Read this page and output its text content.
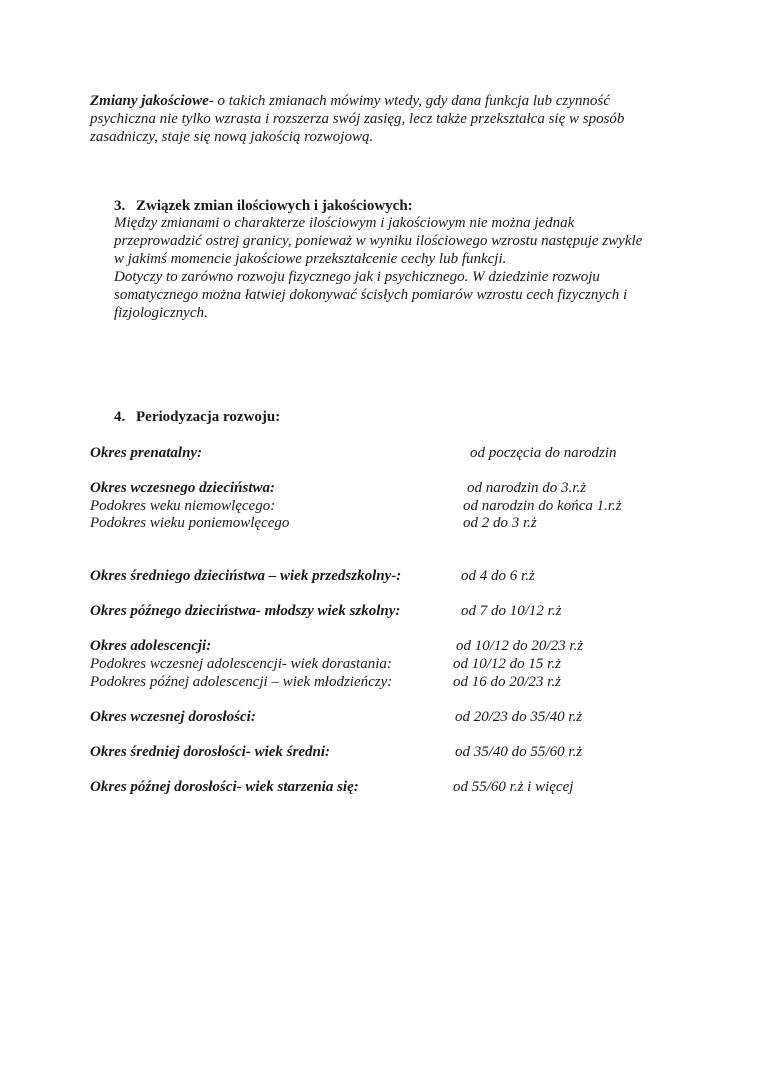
Zmiany jakościowe- o takich zmianach mówimy wtedy, gdy dana funkcja lub czynność

psychiczna nie tylko wzrasta i rozszerza swój zasięg, lecz także przekształca się w sposób

zasadniczy, staje się nową jakością rozwojową.

3. Związek zmian ilościowych i jakościowych:

Między zmianami o charakterze ilościowym i jakościowym nie można jednak

przeprowadzić ostrej granicy, ponieważ w wyniku ilościowego wzrostu następuje zwykle

w jakimś momencie jakościowe przekształcenie cechy lub funkcji.

Dotyczy to zarówno rozwoju fizycznego jak i psychicznego. W dziedzinie rozwoju

somatycznego można łatwiej dokonywać ścisłych pomiarów wzrostu cech fizycznych i

fizjologicznych.

4. Periodyzacja rozwoju:
Okres prenatalny:	od poczęcia do narodzin
Okres wczesnego dzieciństwa:	od narodzin do 3.r.ż
Podokres weku niemowlęcego:	od narodzin do końca 1.r.ż
Podokres wieku poniemowlęcego	od 2 do 3 r.ż
Okres średniego dzieciństwa – wiek przedszkolny-:	od 4 do 6 r.ż
Okres późnego dzieciństwa- młodszy wiek szkolny:	od 7 do 10/12 r.ż
Okres adolescencji:	od 10/12 do 20/23 r.ż
Podokres wczesnej adolescencji- wiek dorastania:	od 10/12 do 15 r.ż
Podokres późnej adolescencji – wiek młodzieńczy:	od 16 do 20/23 r.ż
Okres wczesnej dorosłości:	od 20/23 do 35/40 r.ż
Okres średniej dorosłości- wiek średni:	od 35/40 do 55/60 r.ż
Okres późnej dorosłości- wiek starzenia się:	od 55/60 r.ż i więcej
